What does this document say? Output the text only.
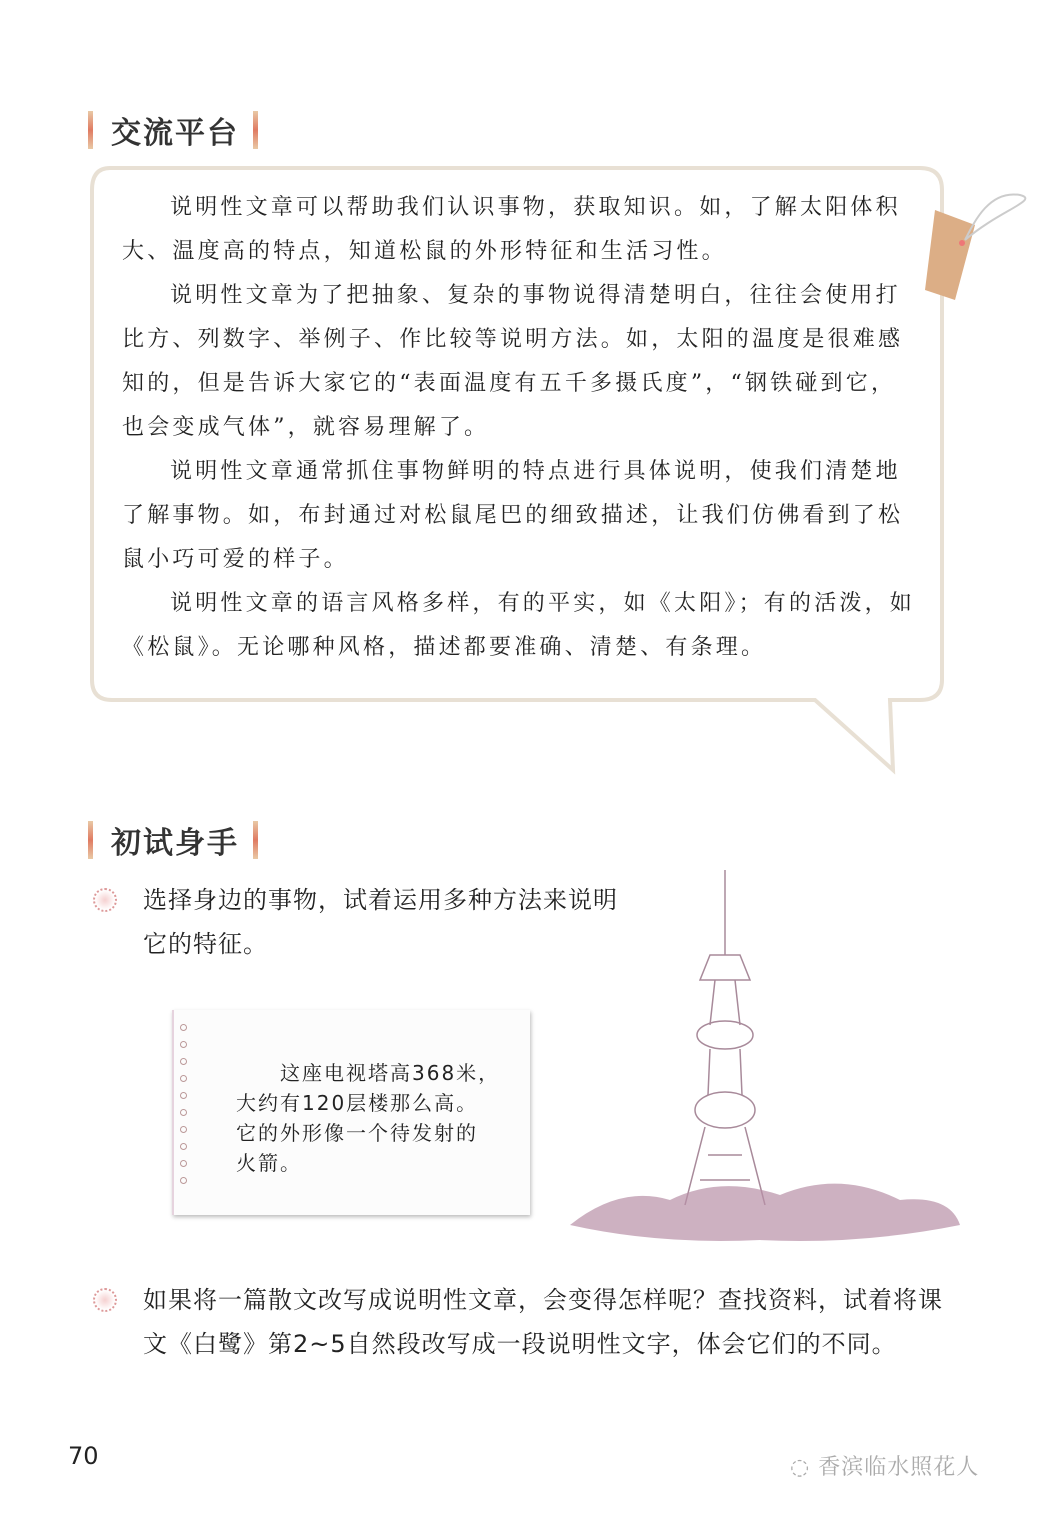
交流平台

说明性文章可以帮助我们认识事物，获取知识。如，了解太阳体积
大、温度高的特点，知道松鼠的外形特征和生活习性。

说明性文章为了把抽象、复杂的事物说得清楚明白，往往会使用打
比方、列数字、举例子、作比较等说明方法。如，太阳的温度是很难感
知的，但是告诉大家它的“表面温度有五千多摄氏度”，“钢铁碰到它，
也会变成气体”，就容易理解了。

说明性文章通常抓住事物鲜明的特点进行具体说明，使我们清楚地
了解事物。如，布封通过对松鼠尾巴的细致描述，让我们仿佛看到了松
鼠小巧可爱的样子。

说明性文章的语言风格多样，有的平实，如《太阳》；有的活泼，如
《松鼠》。无论哪种风格，描述都要准确、清楚、有条理。

初试身手
选择身边的事物，试着运用多种方法来说明
它的特征。
　　这座电视塔高368米，
大约有120层楼那么高。
它的外形像一个待发射的
火箭。
如果将一篇散文改写成说明性文章，会变得怎样呢？查找资料，试着将课
文《白鹭》第2~5自然段改写成一段说明性文字，体会它们的不同。
70	◌ 香滨临水照花人
